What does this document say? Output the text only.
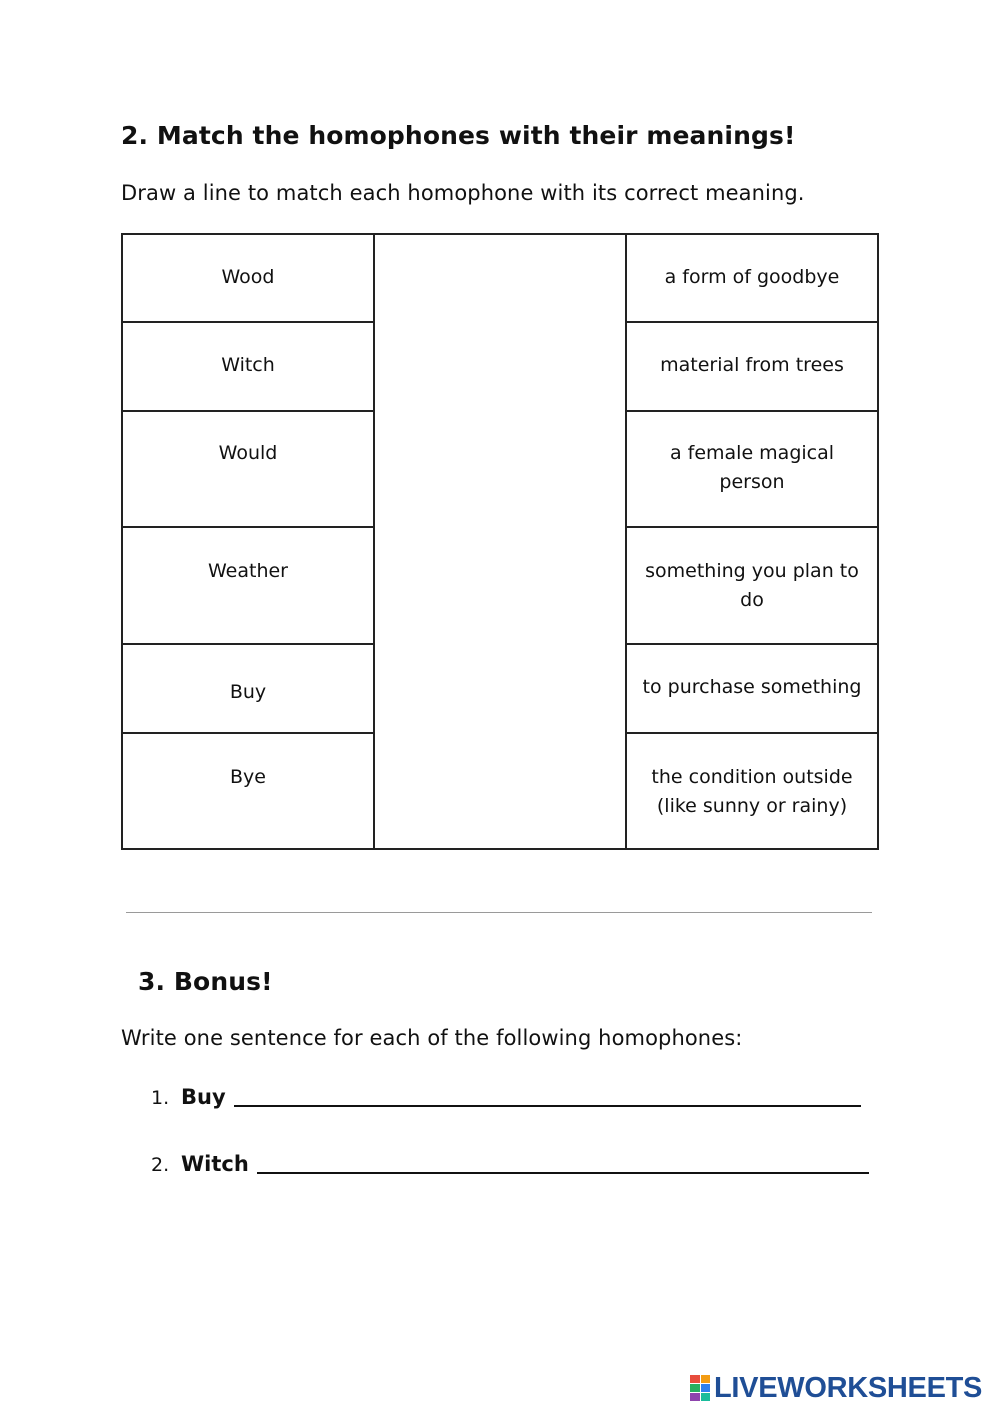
2. Match the homophones with their meanings!

Draw a line to match each homophone with its correct meaning.

Wood		a form of goodbye
Witch		material from trees
Would		a female magical person
Weather		something you plan to do
Buy		to purchase something
Bye		the condition outside (like sunny or rainy)
3. Bonus!

Write one sentence for each of the following homophones:

1. Buy
2. Witch
LIVEWORKSHEETS
